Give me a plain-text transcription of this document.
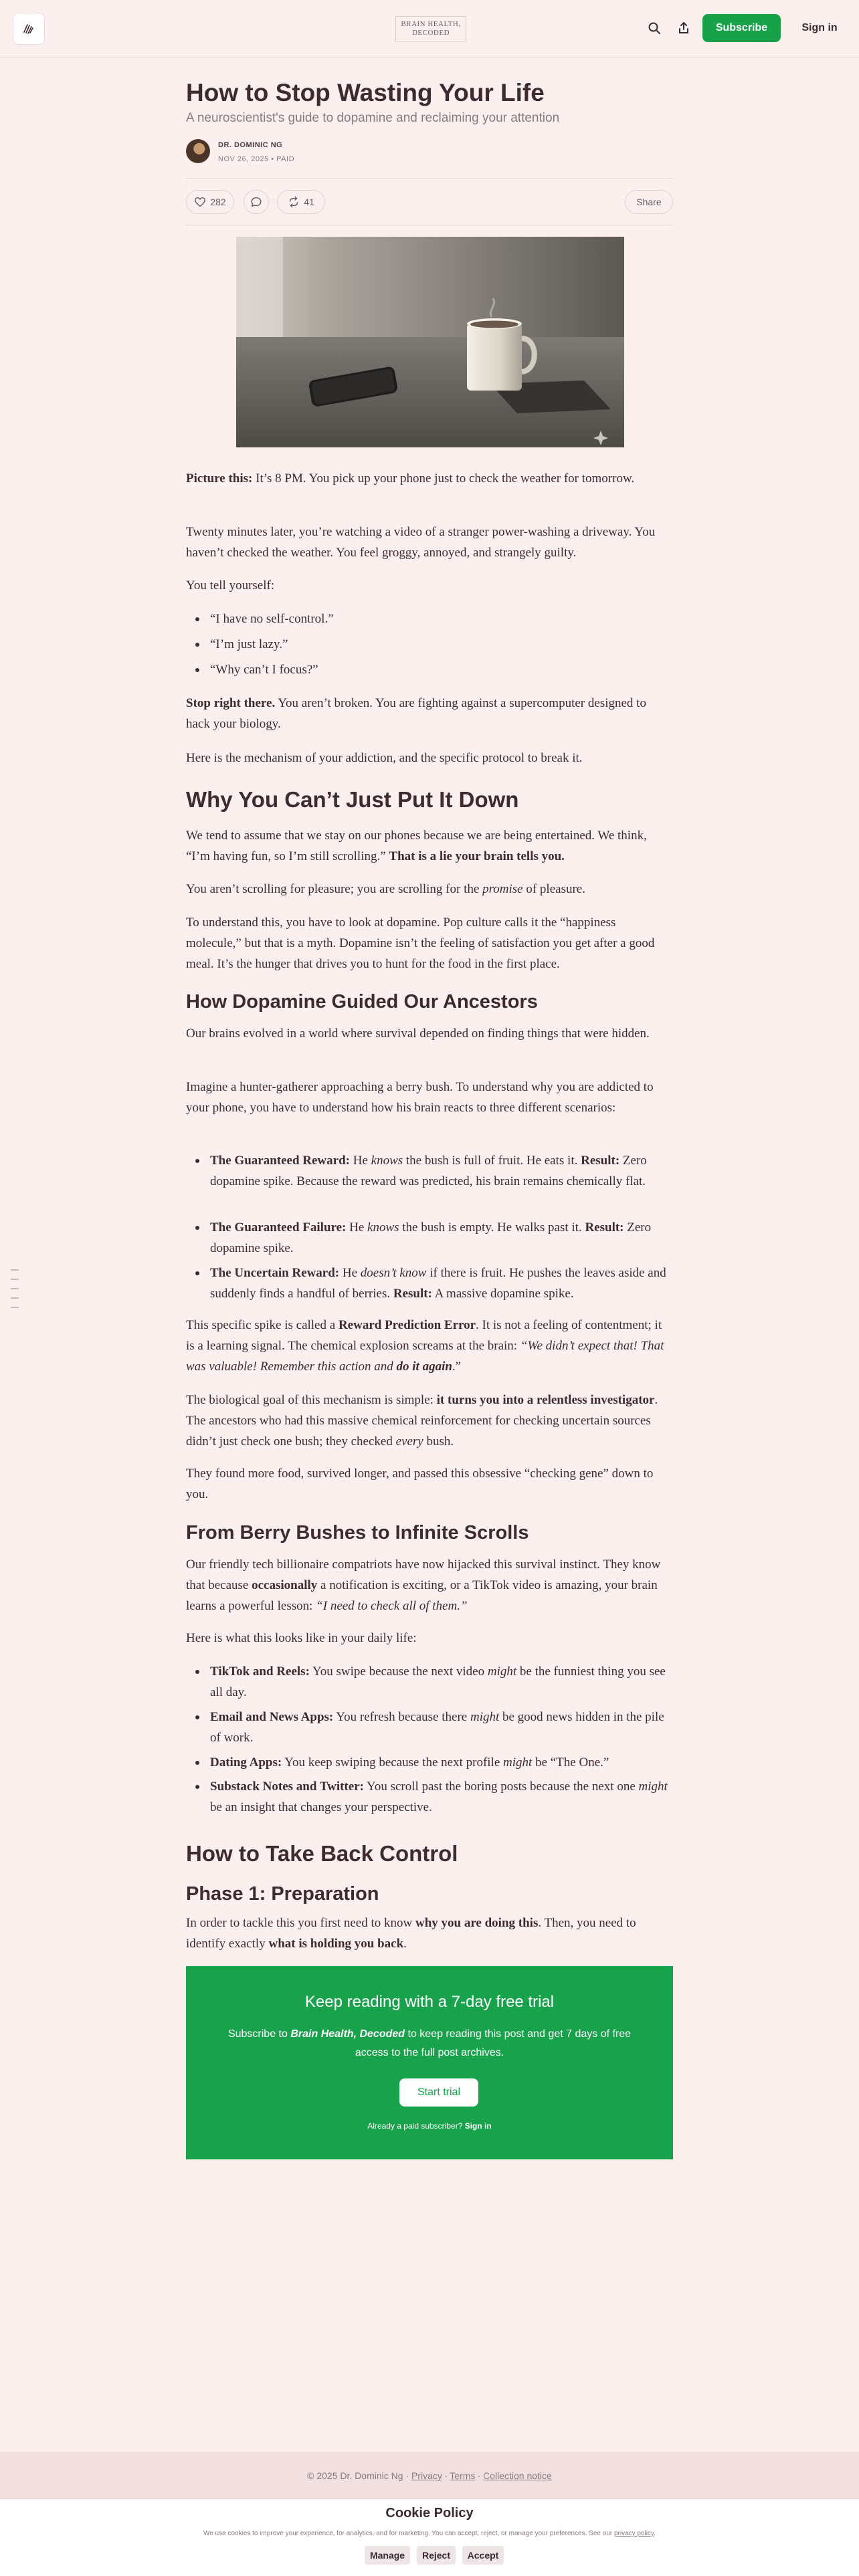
BRAIN HEALTH,
DECODED	Subscribe	Sign in
How to Stop Wasting Your Life
A neuroscientist's guide to dopamine and reclaiming your attention
DR. DOMINIC NG
NOV 26, 2025 • PAID
282	41	Share

Picture this: It’s 8 PM. You pick up your phone just to check the weather for tomorrow.

Twenty minutes later, you’re watching a video of a stranger power-washing a driveway. You haven’t checked the weather. You feel groggy, annoyed, and strangely guilty.

You tell yourself:

“I have no self-control.”
“I’m just lazy.”
“Why can’t I focus?”

Stop right there. You aren’t broken. You are fighting against a supercomputer designed to hack your biology.

Here is the mechanism of your addiction, and the specific protocol to break it.

Why You Can’t Just Put It Down

We tend to assume that we stay on our phones because we are being entertained. We think, “I’m having fun, so I’m still scrolling.” That is a lie your brain tells you.

You aren’t scrolling for pleasure; you are scrolling for the promise of pleasure.

To understand this, you have to look at dopamine. Pop culture calls it the “happiness molecule,” but that is a myth. Dopamine isn’t the feeling of satisfaction you get after a good meal. It’s the hunger that drives you to hunt for the food in the first place.

How Dopamine Guided Our Ancestors

Our brains evolved in a world where survival depended on finding things that were hidden.

Imagine a hunter-gatherer approaching a berry bush. To understand why you are addicted to your phone, you have to understand how his brain reacts to three different scenarios:

The Guaranteed Reward: He knows the bush is full of fruit. He eats it. Result: Zero dopamine spike. Because the reward was predicted, his brain remains chemically flat.
The Guaranteed Failure: He knows the bush is empty. He walks past it. Result: Zero dopamine spike.
The Uncertain Reward: He doesn’t know if there is fruit. He pushes the leaves aside and suddenly finds a handful of berries. Result: A massive dopamine spike.

This specific spike is called a Reward Prediction Error. It is not a feeling of contentment; it is a learning signal. The chemical explosion screams at the brain: “We didn’t expect that! That was valuable! Remember this action and do it again.”

The biological goal of this mechanism is simple: it turns you into a relentless investigator. The ancestors who had this massive chemical reinforcement for checking uncertain sources didn’t just check one bush; they checked every bush.

They found more food, survived longer, and passed this obsessive “checking gene” down to you.

From Berry Bushes to Infinite Scrolls

Our friendly tech billionaire compatriots have now hijacked this survival instinct. They know that because occasionally a notification is exciting, or a TikTok video is amazing, your brain learns a powerful lesson: “I need to check all of them.”

Here is what this looks like in your daily life:

TikTok and Reels: You swipe because the next video might be the funniest thing you see all day.
Email and News Apps: You refresh because there might be good news hidden in the pile of work.
Dating Apps: You keep swiping because the next profile might be “The One.”
Substack Notes and Twitter: You scroll past the boring posts because the next one might be an insight that changes your perspective.
How to Take Back Control
Phase 1: Preparation

In order to tackle this you first need to know why you are doing this. Then, you need to identify exactly what is holding you back.

Keep reading with a 7-day free trial
Subscribe to Brain Health, Decoded to keep reading this post and get 7 days of free access to the full post archives.
Start trial
Already a paid subscriber? Sign in
© 2025 Dr. Dominic Ng · Privacy ∙ Terms ∙ Collection notice
Cookie Policy
We use cookies to improve your experience, for analytics, and for marketing. You can accept, reject, or manage your preferences. See our privacy policy.
Manage	Reject	Accept
